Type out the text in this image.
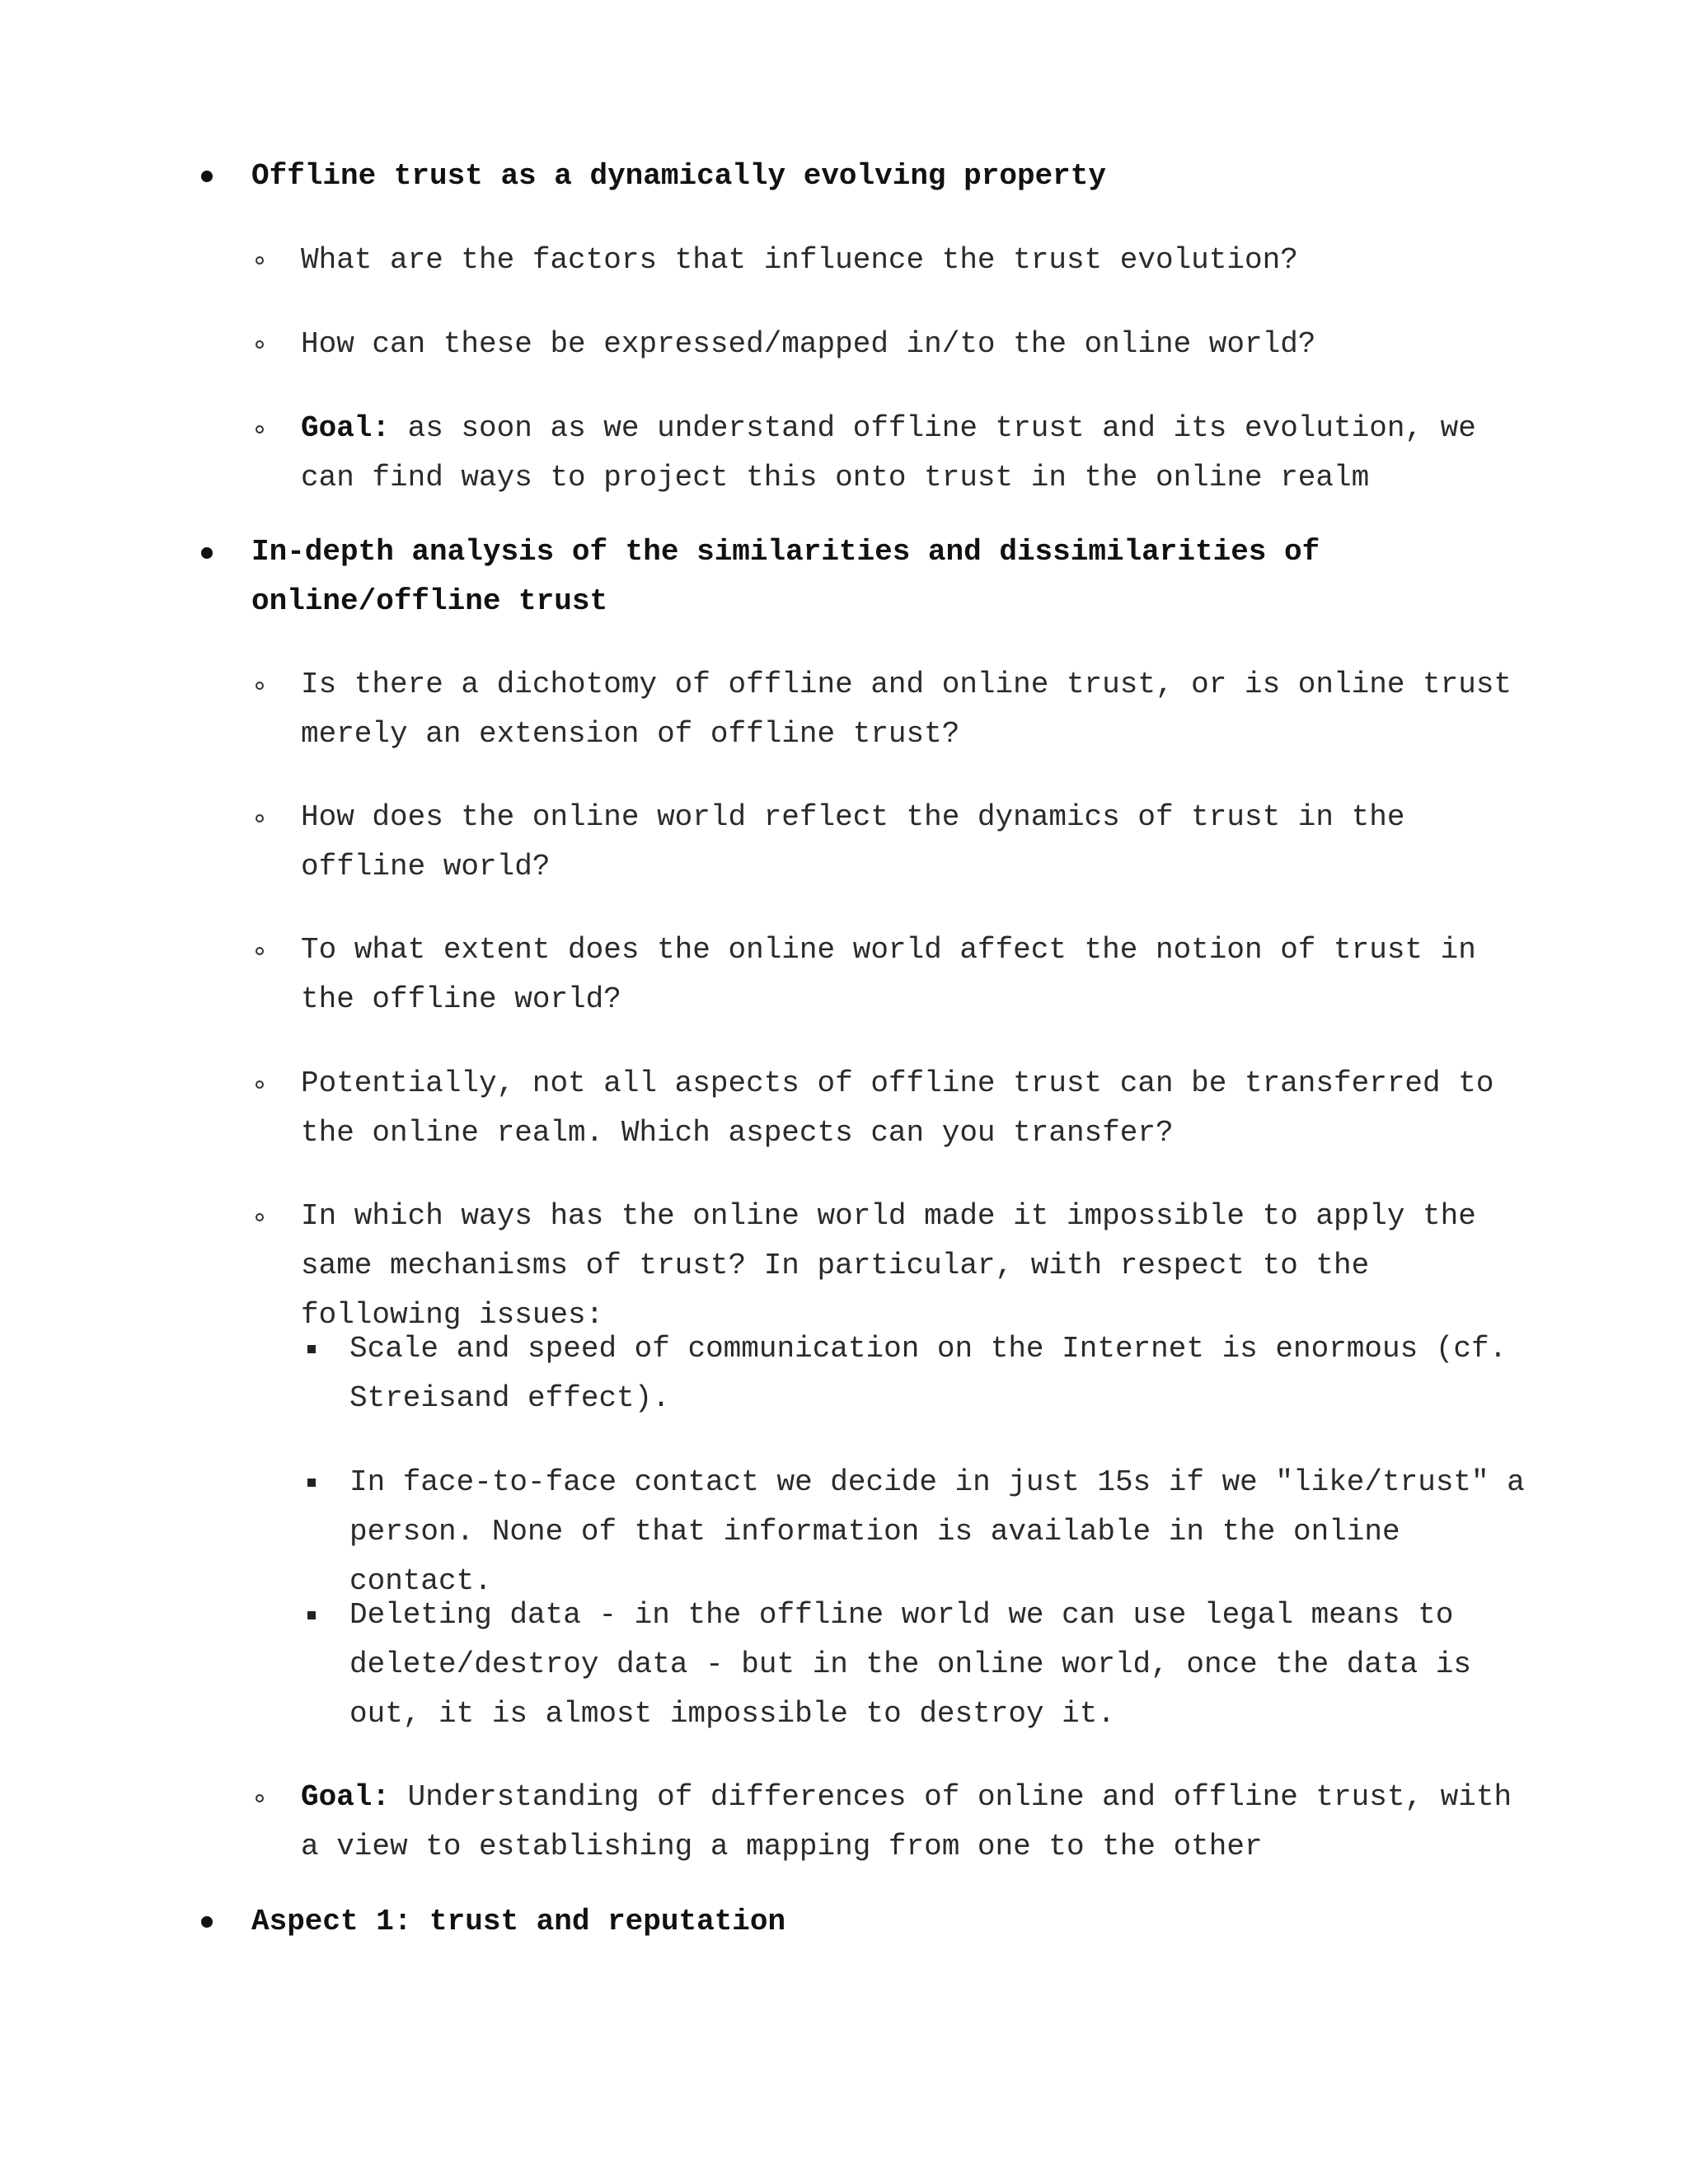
Offline trust as a dynamically evolving property

What are the factors that influence the trust evolution?

How can these be expressed/mapped in/to the online world?

Goal: as soon as we understand offline trust and its evolution, we can find ways to project this onto trust in the online realm

In-depth analysis of the similarities and dissimilarities of online/offline trust

Is there a dichotomy of offline and online trust, or is online trust merely an extension of offline trust?

How does the online world reflect the dynamics of trust in the offline world?

To what extent does the online world affect the notion of trust in the offline world?

Potentially, not all aspects of offline trust can be transferred to the online realm. Which aspects can you transfer?

In which ways has the online world made it impossible to apply the same mechanisms of trust? In particular, with respect to the following issues:

Scale and speed of communication on the Internet is enormous (cf. Streisand effect).

In face-to-face contact we decide in just 15s if we "like/trust" a person. None of that information is available in the online contact.

Deleting data - in the offline world we can use legal means to delete/destroy data - but in the online world, once the data is out, it is almost impossible to destroy it.

Goal: Understanding of differences of online and offline trust, with a view to establishing a mapping from one to the other

Aspect 1: trust and reputation
